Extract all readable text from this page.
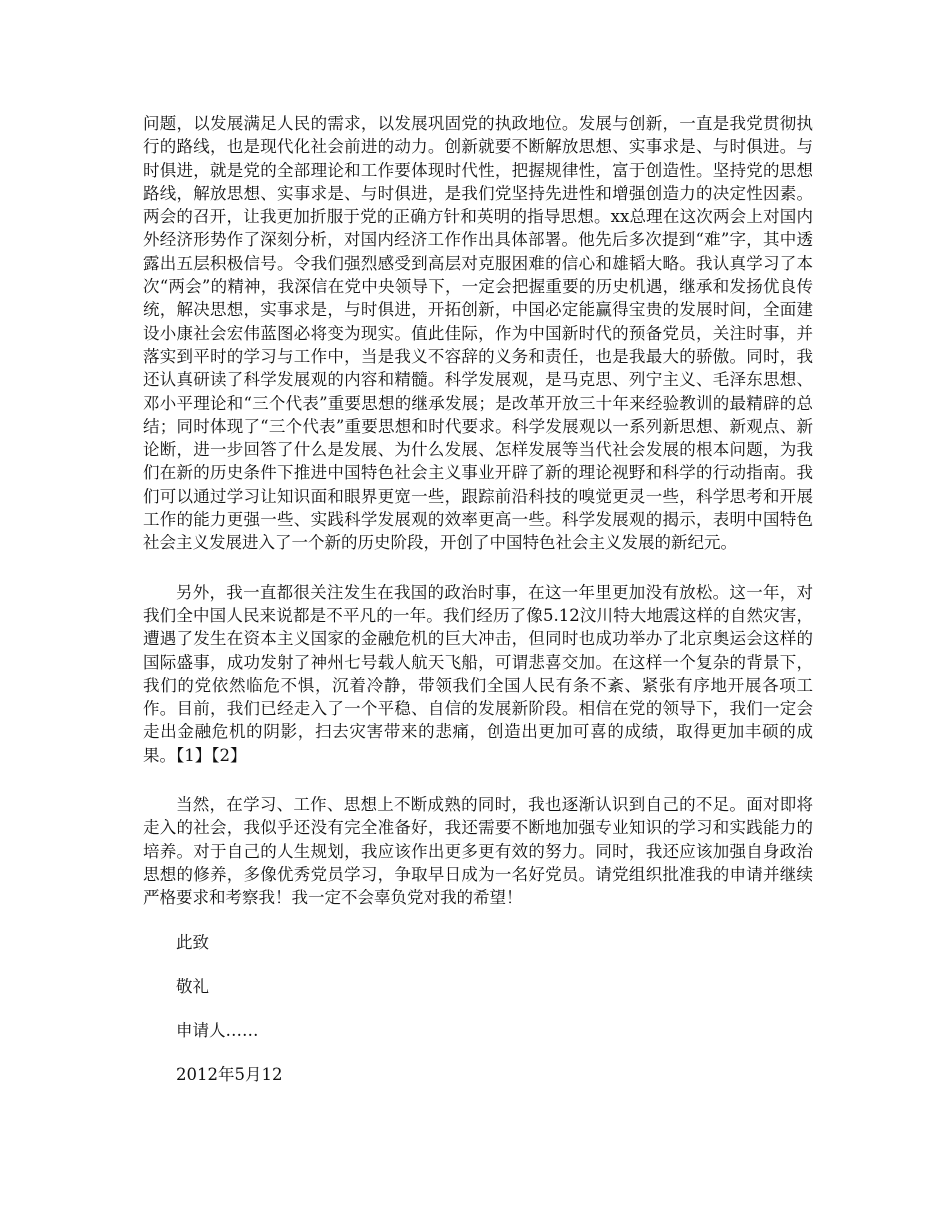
问题，以发展满足人民的需求，以发展巩固党的执政地位。发展与创新，一直是我党贯彻执行的路线，也是现代化社会前进的动力。创新就要不断解放思想、实事求是、与时俱进。与时俱进，就是党的全部理论和工作要体现时代性，把握规律性，富于创造性。坚持党的思想路线，解放思想、实事求是、与时俱进，是我们党坚持先进性和增强创造力的决定性因素。两会的召开，让我更加折服于党的正确方针和英明的指导思想。xx总理在这次两会上对国内外经济形势作了深刻分析，对国内经济工作作出具体部署。他先后多次提到“难”字，其中透露出五层积极信号。令我们强烈感受到高层对克服困难的信心和雄韬大略。我认真学习了本次“两会”的精神，我深信在党中央领导下，一定会把握重要的历史机遇，继承和发扬优良传统，解决思想，实事求是，与时俱进，开拓创新，中国必定能赢得宝贵的发展时间，全面建设小康社会宏伟蓝图必将变为现实。值此佳际，作为中国新时代的预备党员，关注时事，并落实到平时的学习与工作中，当是我义不容辞的义务和责任，也是我最大的骄傲。同时，我还认真研读了科学发展观的内容和精髓。科学发展观，是马克思、列宁主义、毛泽东思想、邓小平理论和“三个代表”重要思想的继承发展；是改革开放三十年来经验教训的最精辟的总结；同时体现了“三个代表”重要思想和时代要求。科学发展观以一系列新思想、新观点、新论断，进一步回答了什么是发展、为什么发展、怎样发展等当代社会发展的根本问题，为我们在新的历史条件下推进中国特色社会主义事业开辟了新的理论视野和科学的行动指南。我们可以通过学习让知识面和眼界更宽一些，跟踪前沿科技的嗅觉更灵一些，科学思考和开展工作的能力更强一些、实践科学发展观的效率更高一些。科学发展观的揭示，表明中国特色社会主义发展进入了一个新的历史阶段，开创了中国特色社会主义发展的新纪元。

另外，我一直都很关注发生在我国的政治时事，在这一年里更加没有放松。这一年，对我们全中国人民来说都是不平凡的一年。我们经历了像5.12汶川特大地震这样的自然灾害，遭遇了发生在资本主义国家的金融危机的巨大冲击，但同时也成功举办了北京奥运会这样的国际盛事，成功发射了神州七号载人航天飞船，可谓悲喜交加。在这样一个复杂的背景下，我们的党依然临危不惧，沉着冷静，带领我们全国人民有条不紊、紧张有序地开展各项工作。目前，我们已经走入了一个平稳、自信的发展新阶段。相信在党的领导下，我们一定会走出金融危机的阴影，扫去灾害带来的悲痛，创造出更加可喜的成绩，取得更加丰硕的成果。【1】【2】

当然，在学习、工作、思想上不断成熟的同时，我也逐渐认识到自己的不足。面对即将走入的社会，我似乎还没有完全准备好，我还需要不断地加强专业知识的学习和实践能力的培养。对于自己的人生规划，我应该作出更多更有效的努力。同时，我还应该加强自身政治思想的修养，多像优秀党员学习，争取早日成为一名好党员。请党组织批准我的申请并继续严格要求和考察我！我一定不会辜负党对我的希望！

此致

敬礼

申请人……

2012年5月12
